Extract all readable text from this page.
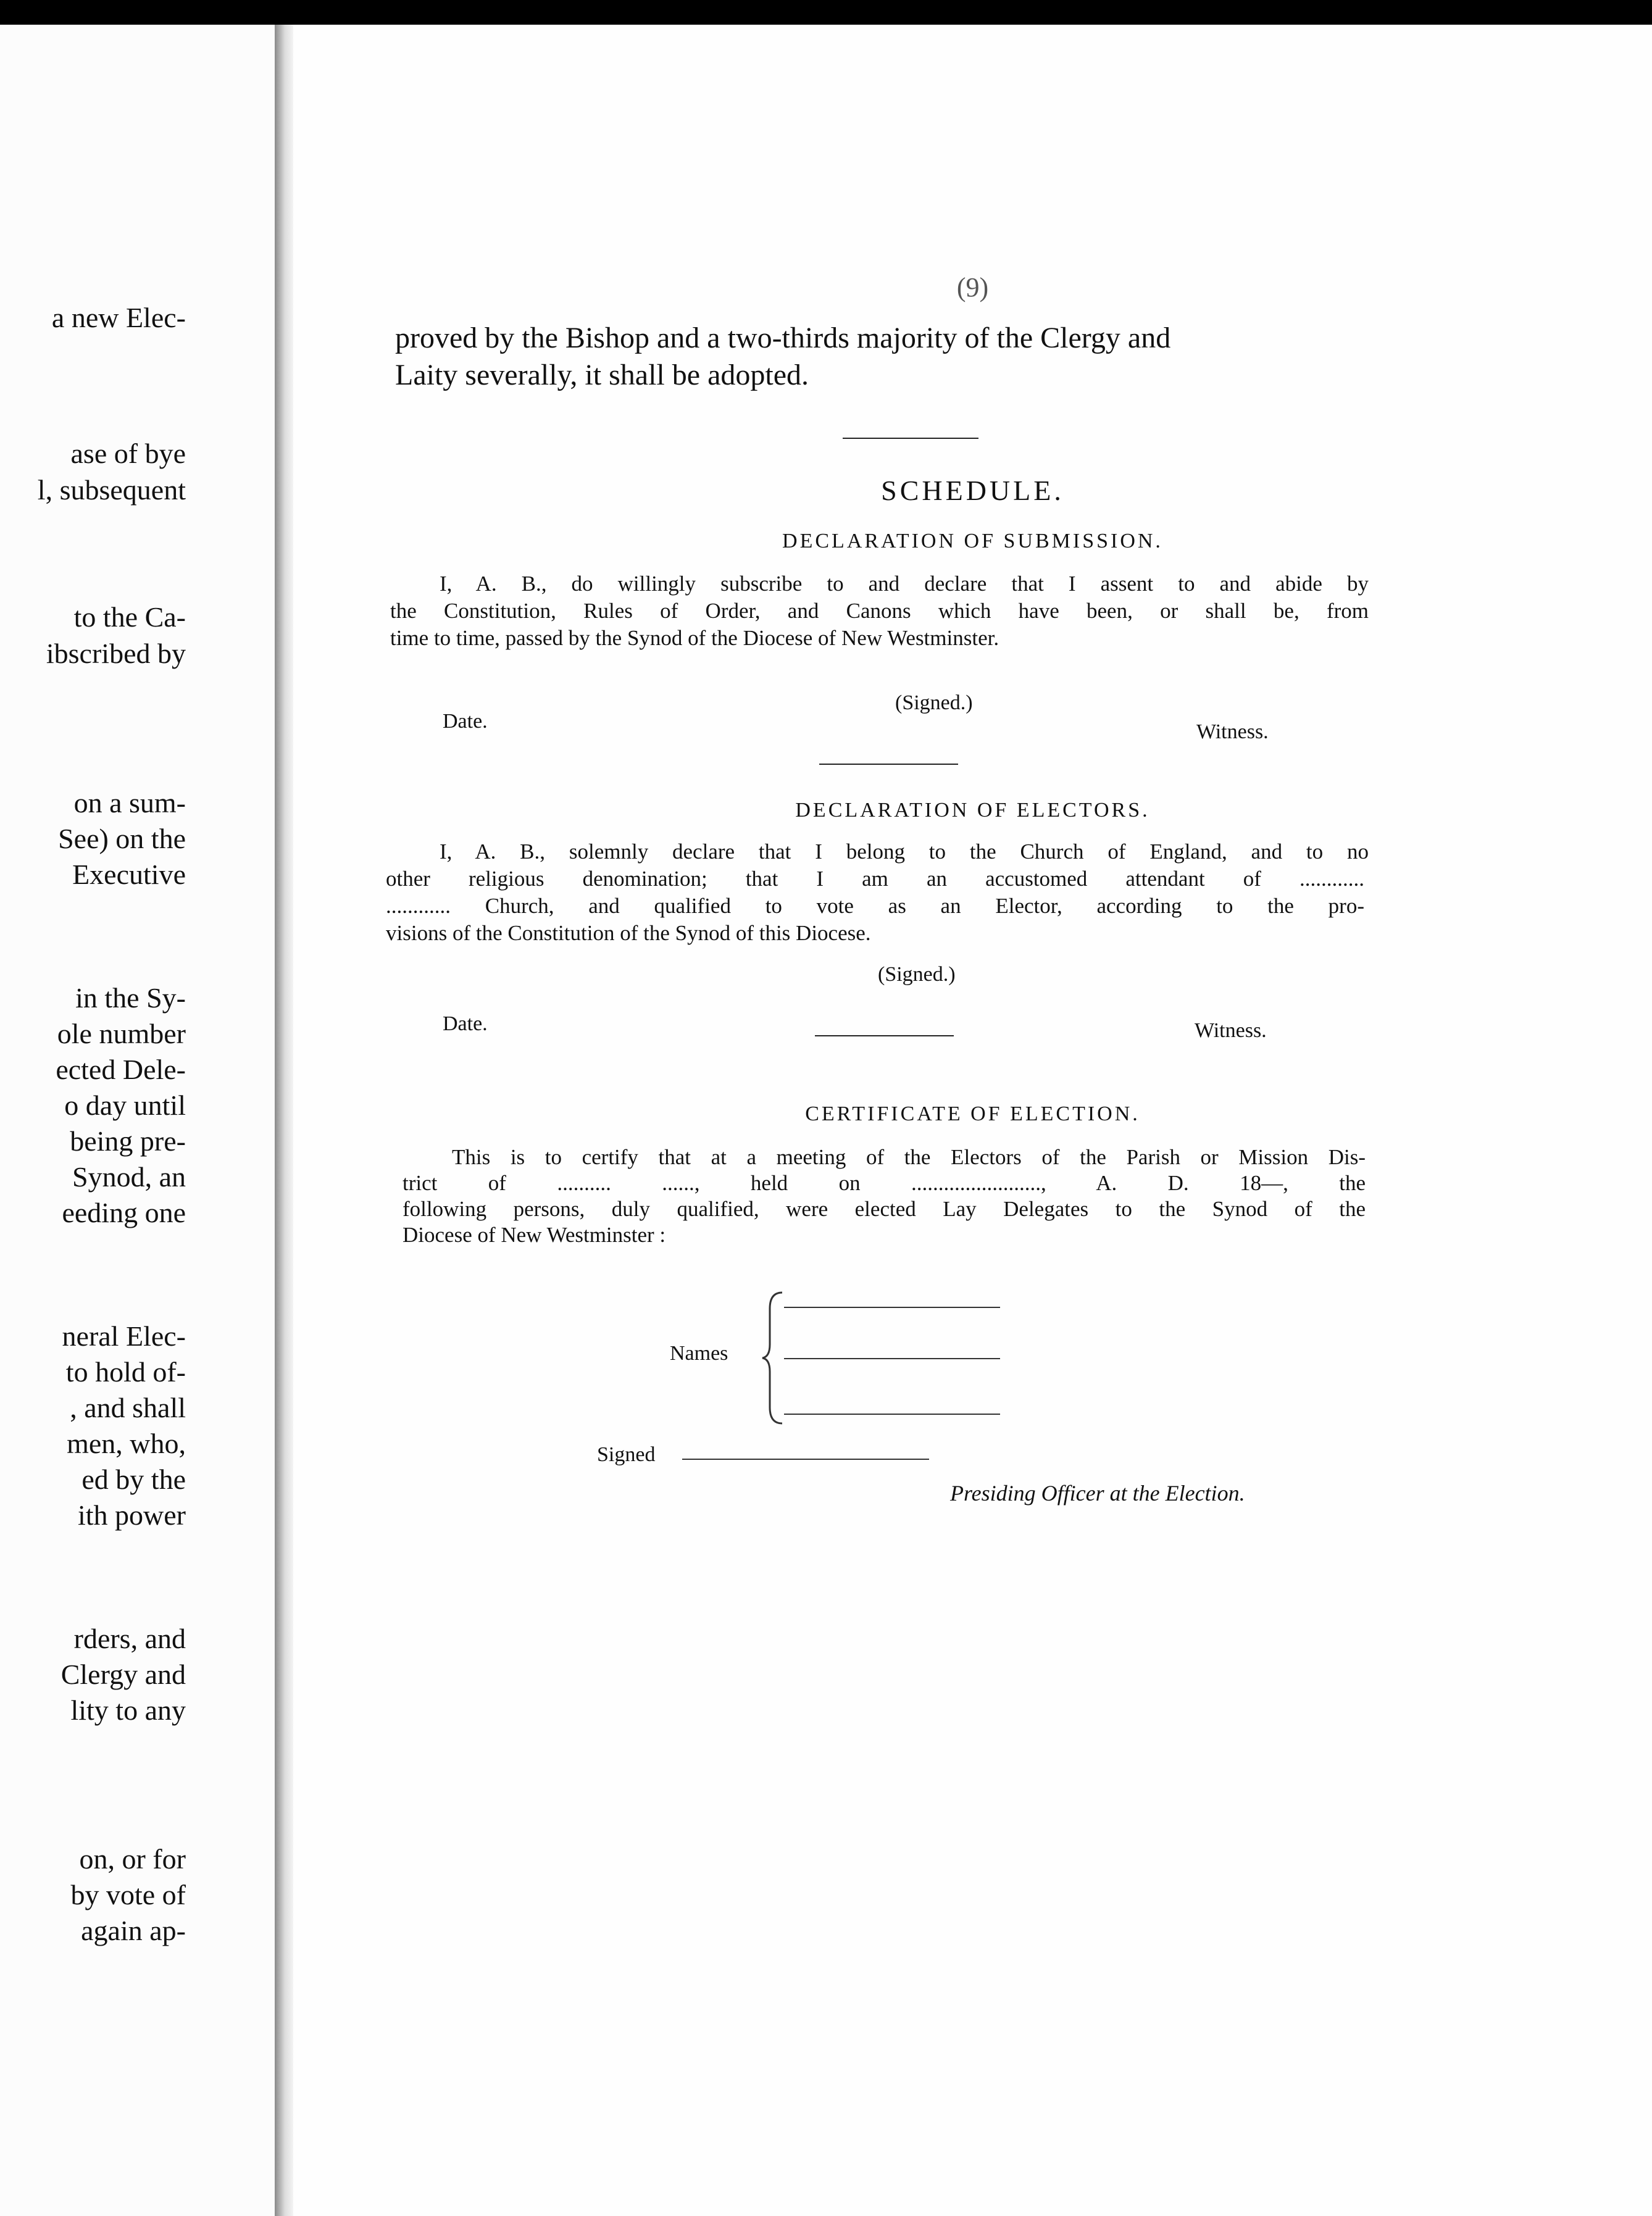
a new Elec-
ase of bye
l, subsequent
to the Ca-
ibscribed by
on a sum-
See) on the
Executive
in the Sy-
ole number
ected Dele-
o day until
being pre-
Synod, an
eeding one
neral Elec-
to hold of-
, and shall
men, who,
ed by the
ith power
rders, and
Clergy and
lity to any
on, or for
by vote of
again ap-
(9)
proved by the Bishop and a two-thirds majority of the Clergy and
Laity severally, it shall be adopted.
SCHEDULE.
DECLARATION OF SUBMISSION.
I, A. B., do willingly subscribe to and declare that I assent to and abide by
the Constitution, Rules of Order, and Canons which have been, or shall be, from
time to time, passed by the Synod of the Diocese of New Westminster.
(Signed.)
Date.	Witness.
DECLARATION OF ELECTORS.
I, A. B., solemnly declare that I belong to the Church of England, and to no
other religious denomination; that I am an accustomed attendant of ............
............ Church, and qualified to vote as an Elector, according to the pro-
visions of the Constitution of the Synod of this Diocese.
(Signed.)
Date.	Witness.
CERTIFICATE OF ELECTION.
This is to certify that at a meeting of the Electors of the Parish or Mission Dis-
trict of .......... ......, held on ........................, A. D. 18—, the
following persons, duly qualified, were elected Lay Delegates to the Synod of the
Diocese of New Westminster :
Names
Signed
Presiding Officer at the Election.
